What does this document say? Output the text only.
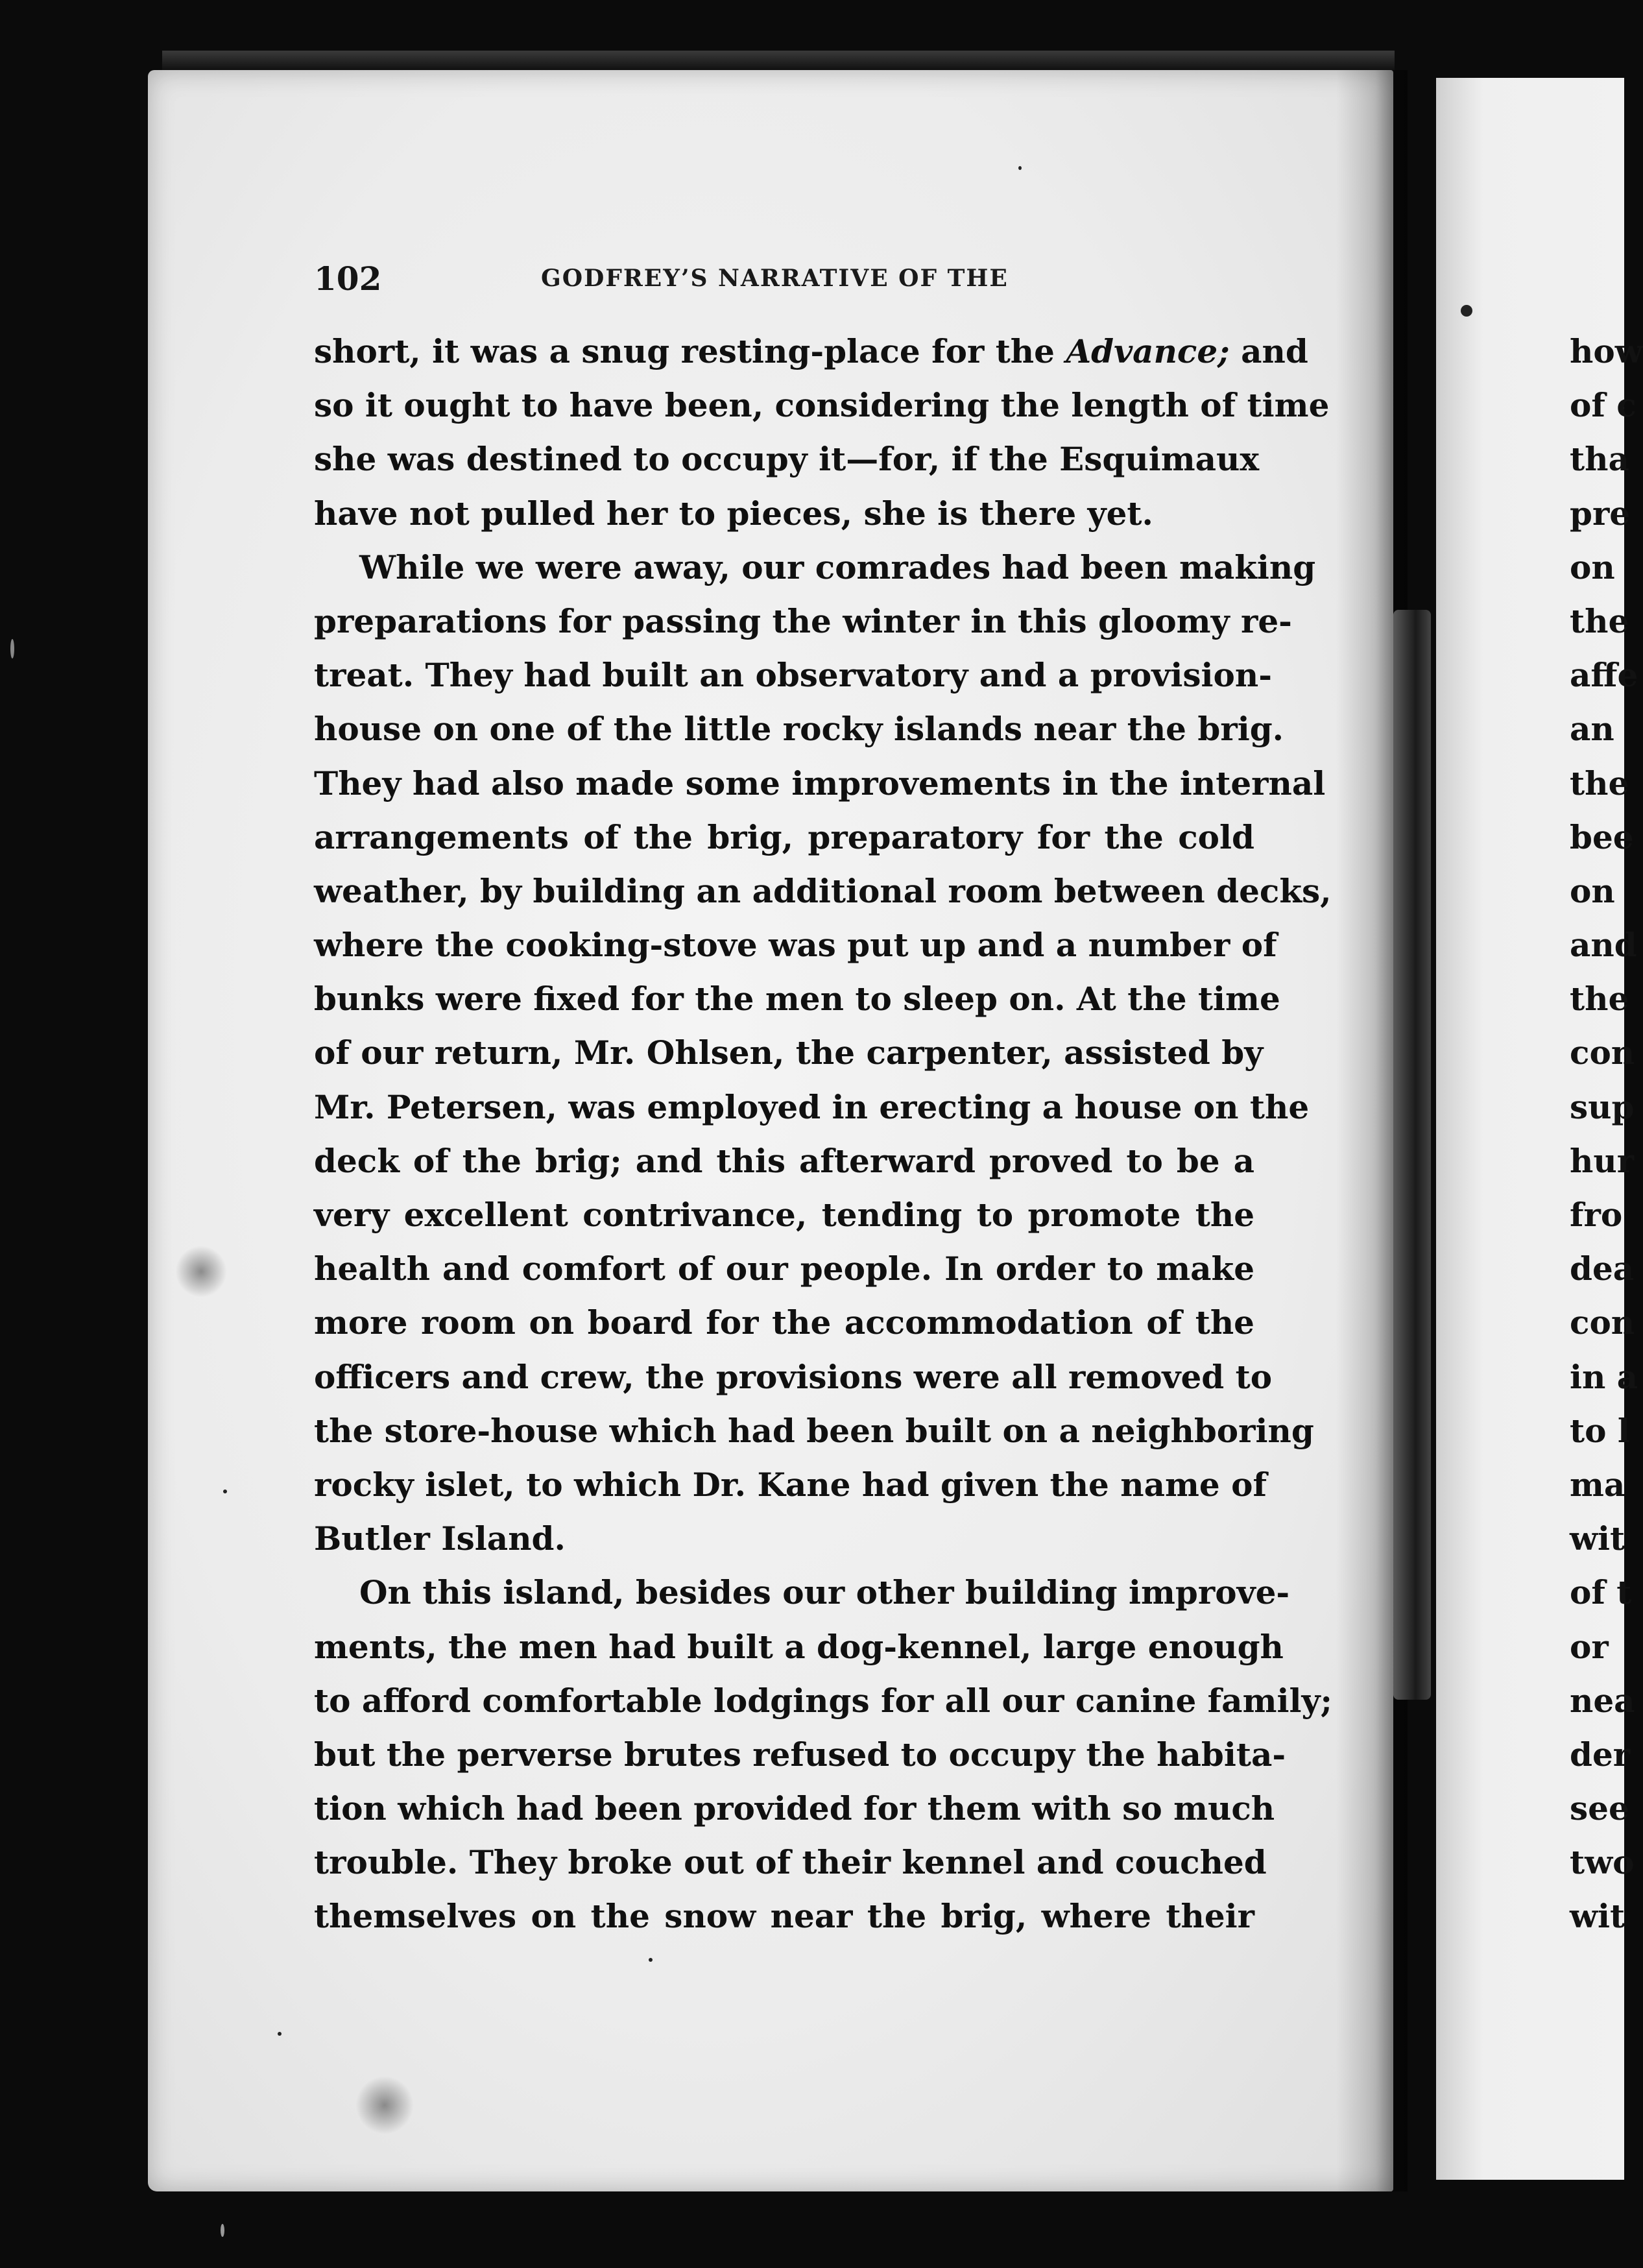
102	GODFREY’S NARRATIVE OF THE
short, it was a snug resting-place for the Advance; and
so it ought to have been, considering the length of time
she was destined to occupy it—for, if the Esquimaux
have not pulled her to pieces, she is there yet.
While we were away, our comrades had been making
preparations for passing the winter in this gloomy re-
treat. They had built an observatory and a provision-
house on one of the little rocky islands near the brig.
They had also made some improvements in the internal
arrangements of the brig, preparatory for the cold
weather, by building an additional room between decks,
where the cooking-stove was put up and a number of
bunks were fixed for the men to sleep on. At the time
of our return, Mr. Ohlsen, the carpenter, assisted by
Mr. Petersen, was employed in erecting a house on the
deck of the brig; and this afterward proved to be a
very excellent contrivance, tending to promote the
health and comfort of our people. In order to make
more room on board for the accommodation of the
officers and crew, the provisions were all removed to
the store-house which had been built on a neighboring
rocky islet, to which Dr. Kane had given the name of
Butler Island.
On this island, besides our other building improve-
ments, the men had built a dog-kennel, large enough
to afford comfortable lodgings for all our canine family;
but the perverse brutes refused to occupy the habita-
tion which had been provided for them with so much
trouble. They broke out of their kennel and couched
themselves on the snow near the brig, where their
how
of c
tha
pre
on
the
affe
an
the
bee
on
and
the
con
sup
hur
fro
dea
con
in a
to l
ma
wit
of t
or
nea
der
see
two
wit
